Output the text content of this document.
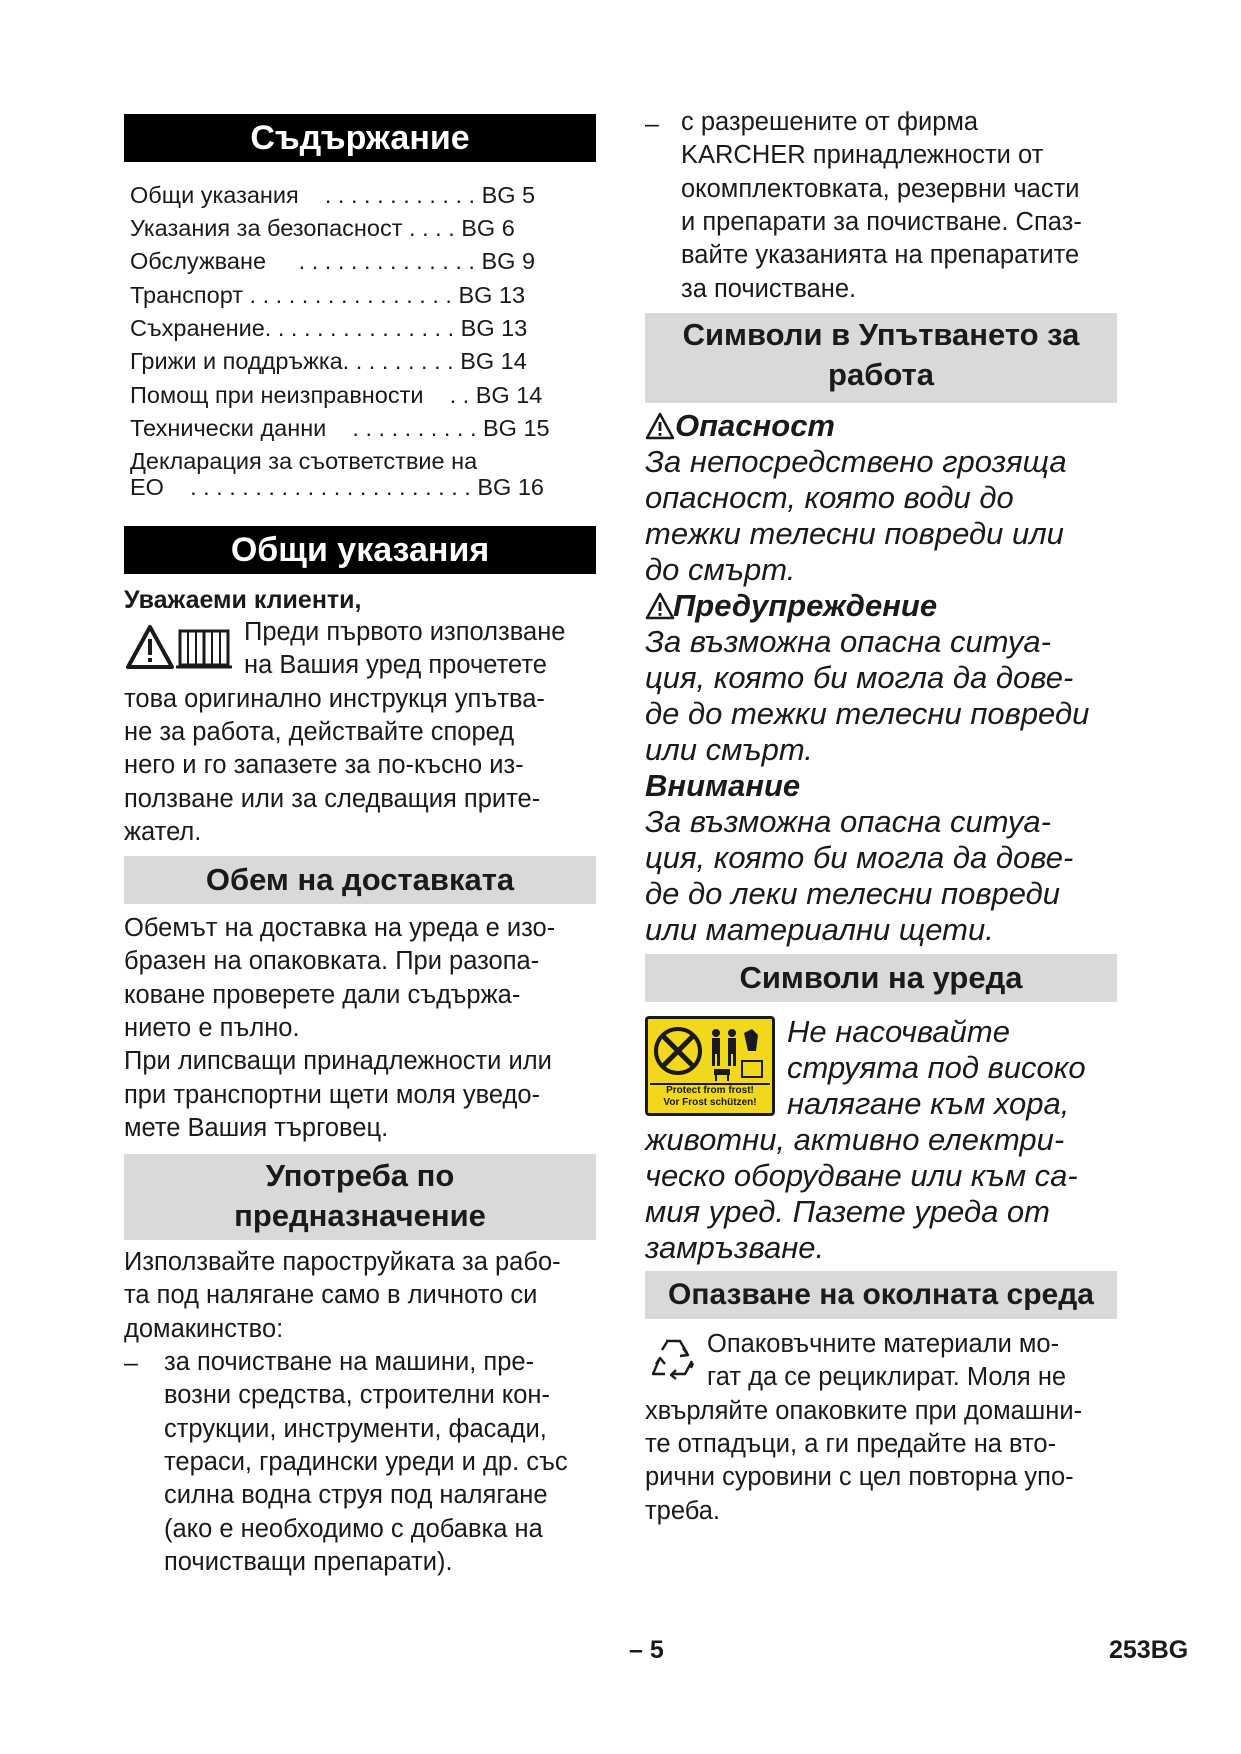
Съдържание
Общи указания    . . . . . . . . . . . . BG 5
Указания за безопасност . . . . BG 6
Обслужване     . . . . . . . . . . . . . . BG 9
Транспорт . . . . . . . . . . . . . . . . BG 13
Съхранение. . . . . . . . . . . . . . . BG 13
Грижи и поддръжка. . . . . . . . . BG 14
Помощ при неизправности    . . BG 14
Технически данни    . . . . . . . . . . BG 15
Декларация за съответствие на
ЕО    . . . . . . . . . . . . . . . . . . . . . . BG 16
Общи указания
Уважаеми клиенти,
Преди първото използване
на Вашия уред прочетете
това оригинално инструкця упътва-
не за работа, действайте според
него и го запазете за по-късно из-
ползване или за следващия прите-
жател.
Обем на доставката
Обемът на доставка на уреда е изо-
бразен на опаковката. При разопа-
коване проверете дали съдържа-
нието е пълно.
При липсващи принадлежности или
при транспортни щети моля уведо-
мете Вашия търговец.
Употреба по
предназначение
Използвайте пароструйката за рабо-
та под налягане само в личното си
домакинство:
– за почистване на машини, пре-
возни средства, строителни кон-
струкции, инструменти, фасади,
тераси, градински уреди и др. със
силна водна струя под налягане
(ако е необходимо с добавка на
почистващи препарати).
– с разрешените от фирма
KARCHER принадлежности от
окомплектовката, резервни части
и препарати за почистване. Спаз-
вайте указанията на препаратите
за почистване.
Символи в Упътването за
работа
Опасност
За непосредствено грозяща
опасност, която води до
тежки телесни повреди или
до смърт.
Предупреждение
За възможна опасна ситуа-
ция, която би могла да дове-
де до тежки телесни повреди
или смърт.
Внимание
За възможна опасна ситуа-
ция, която би могла да дове-
де до леки телесни повреди
или материални щети.
Символи на уреда
Protect from frost!
Vor Frost schützen!
Не насочвайте
струята под високо
налягане към хора,
животни, активно електри-
ческо оборудване или към са-
мия уред. Пазете уреда от
замръзване.
Опазване на околната среда
Опаковъчните материали мо-
гат да се рециклират. Моля не
хвърляйте опаковките при домашни-
те отпадъци, а ги предайте на вто-
рични суровини с цел повторна упо-
треба.
– 5	253BG
